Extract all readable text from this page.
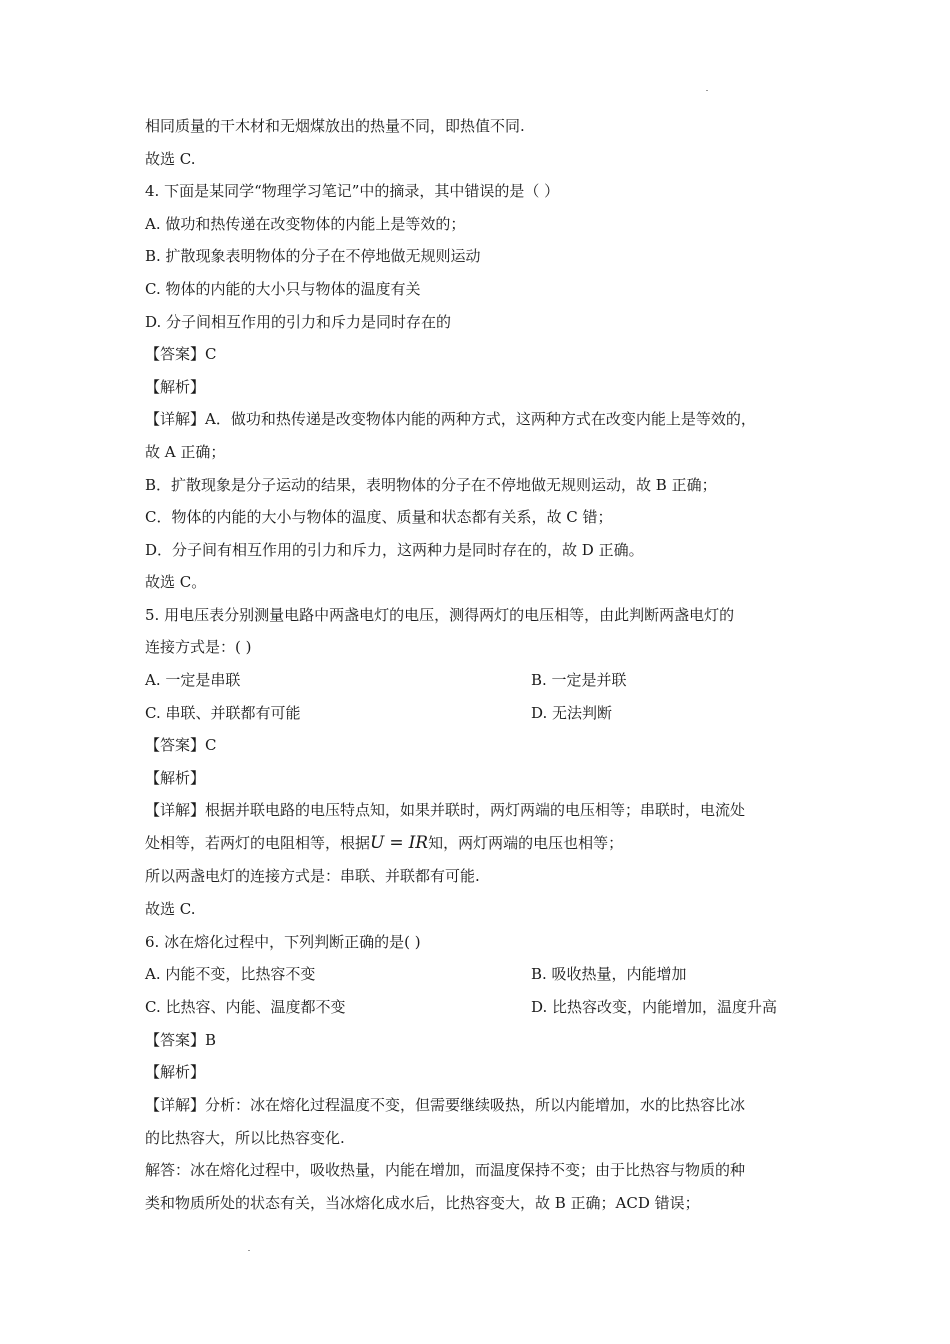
相同质量的干木材和无烟煤放出的热量不同，即热值不同.
故选 C.
4. 下面是某同学“物理学习笔记”中的摘录，其中错误的是（ ）
A. 做功和热传递在改变物体的内能上是等效的；
B. 扩散现象表明物体的分子在不停地做无规则运动
C. 物体的内能的大小只与物体的温度有关
D. 分子间相互作用的引力和斥力是同时存在的
【答案】C
【解析】
【详解】A．做功和热传递是改变物体内能的两种方式，这两种方式在改变内能上是等效的，
故 A 正确；
B．扩散现象是分子运动的结果，表明物体的分子在不停地做无规则运动，故 B 正确；
C．物体的内能的大小与物体的温度、质量和状态都有关系，故 C 错；
D．分子间有相互作用的引力和斥力，这两种力是同时存在的，故 D 正确。
故选 C。
5. 用电压表分别测量电路中两盏电灯的电压，测得两灯的电压相等，由此判断两盏电灯的
连接方式是：( )
A. 一定是串联	B. 一定是并联
C. 串联、并联都有可能	D. 无法判断
【答案】C
【解析】
【详解】根据并联电路的电压特点知，如果并联时，两灯两端的电压相等；串联时，电流处
处相等，若两灯的电阻相等，根据U = IR知，两灯两端的电压也相等；
所以两盏电灯的连接方式是：串联、并联都有可能.
故选 C.
6. 冰在熔化过程中，下列判断正确的是( )
A. 内能不变，比热容不变	B. 吸收热量，内能增加
C. 比热容、内能、温度都不变	D. 比热容改变，内能增加，温度升高
【答案】B
【解析】
【详解】分析：冰在熔化过程温度不变，但需要继续吸热，所以内能增加，水的比热容比冰
的比热容大，所以比热容变化.
解答：冰在熔化过程中，吸收热量，内能在增加，而温度保持不变；由于比热容与物质的种
类和物质所处的状态有关，当冰熔化成水后，比热容变大，故 B 正确；ACD 错误；
